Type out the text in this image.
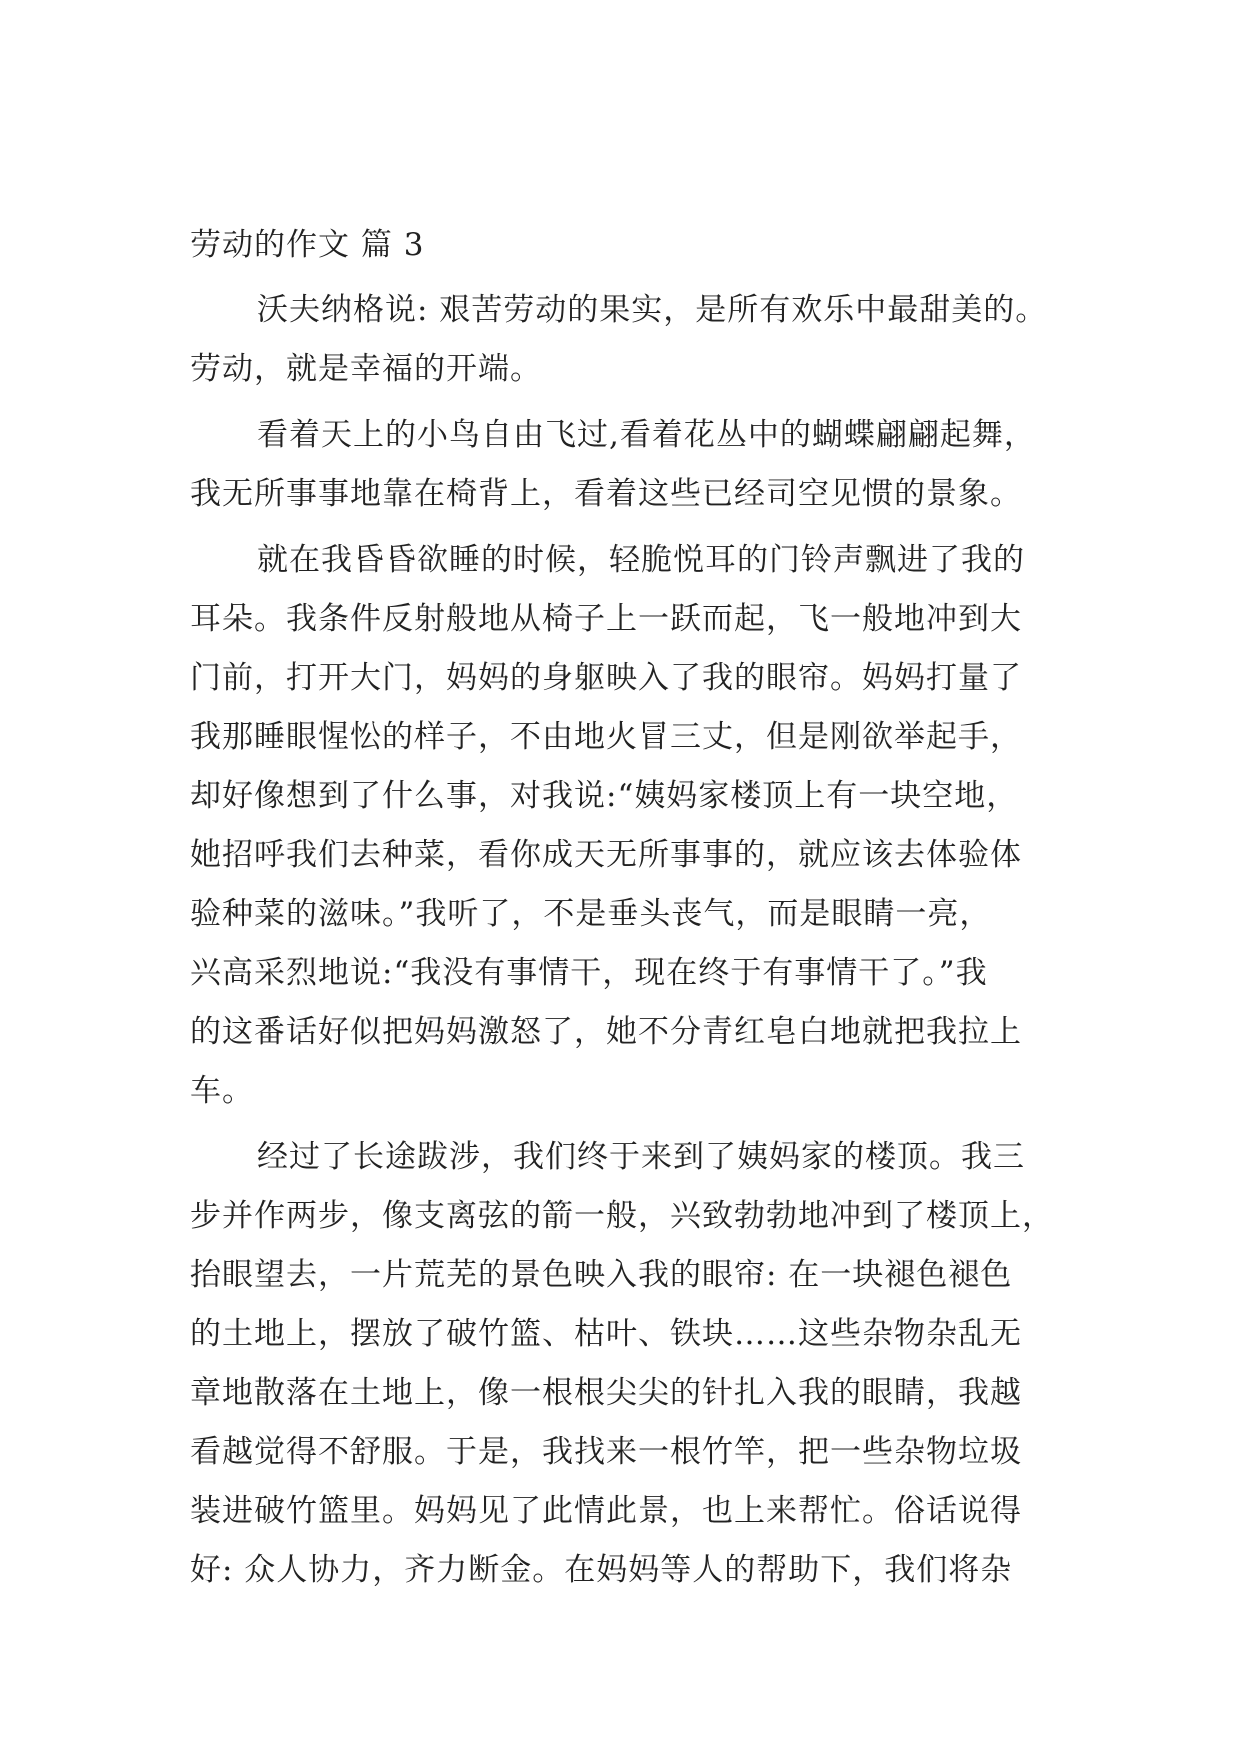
劳动的作文 篇 3
沃夫纳格说: 艰苦劳动的果实，是所有欢乐中最甜美的。
劳动，就是幸福的开端。
看着天上的小鸟自由飞过,看着花丛中的蝴蝶翩翩起舞，
我无所事事地靠在椅背上，看着这些已经司空见惯的景象。
就在我昏昏欲睡的时候，轻脆悦耳的门铃声飘进了我的
耳朵。我条件反射般地从椅子上一跃而起，飞一般地冲到大
门前，打开大门，妈妈的身躯映入了我的眼帘。妈妈打量了
我那睡眼惺忪的样子，不由地火冒三丈，但是刚欲举起手，
却好像想到了什么事，对我说:“姨妈家楼顶上有一块空地，
她招呼我们去种菜，看你成天无所事事的，就应该去体验体
验种菜的滋味。”我听了，不是垂头丧气，而是眼睛一亮，
兴高采烈地说:“我没有事情干，现在终于有事情干了。”我
的这番话好似把妈妈激怒了，她不分青红皂白地就把我拉上
车。
经过了长途跋涉，我们终于来到了姨妈家的楼顶。我三
步并作两步，像支离弦的箭一般，兴致勃勃地冲到了楼顶上，
抬眼望去，一片荒芜的景色映入我的眼帘: 在一块褪色褪色
的土地上，摆放了破竹篮、枯叶、铁块……这些杂物杂乱无
章地散落在土地上，像一根根尖尖的针扎入我的眼睛，我越
看越觉得不舒服。于是，我找来一根竹竿，把一些杂物垃圾
装进破竹篮里。妈妈见了此情此景，也上来帮忙。俗话说得
好: 众人协力，齐力断金。在妈妈等人的帮助下，我们将杂
